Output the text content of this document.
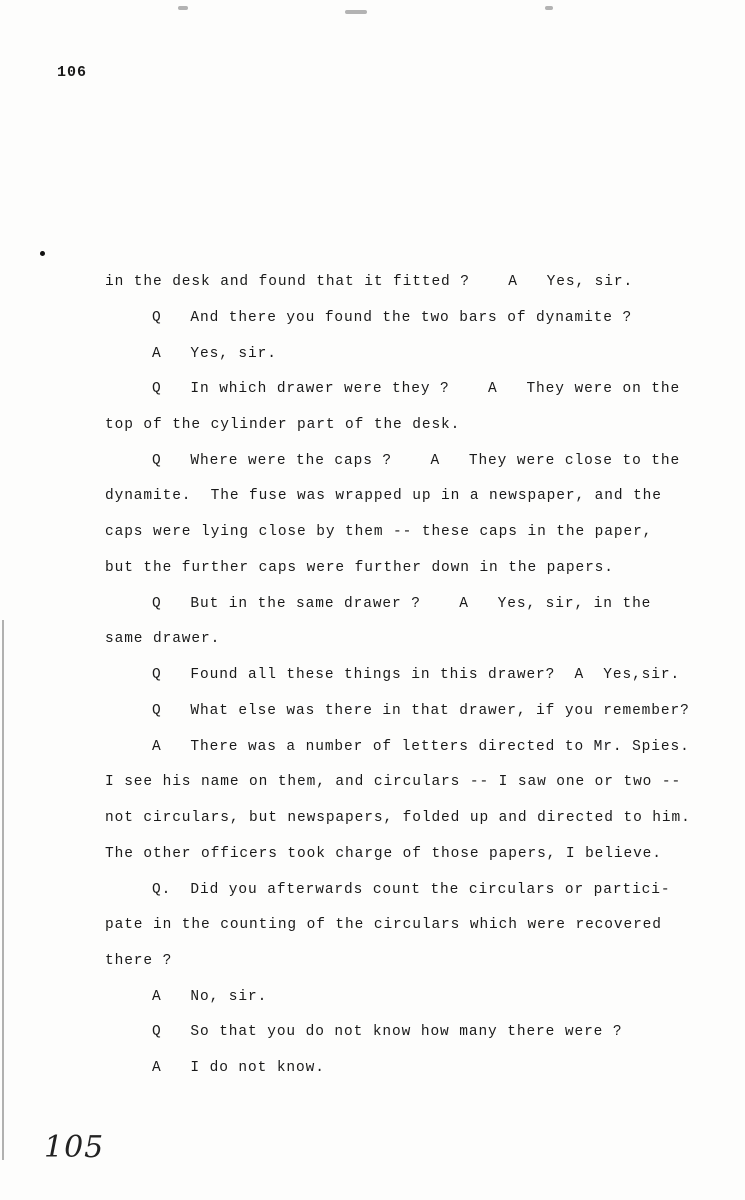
106
in the desk and found that it fitted ?    A   Yes, sir.
Q   And there you found the two bars of dynamite ?
A   Yes, sir.
Q   In which drawer were they ?    A   They were on the
top of the cylinder part of the desk.
Q   Where were the caps ?    A   They were close to the
dynamite.  The fuse was wrapped up in a newspaper, and the
caps were lying close by them -- these caps in the paper,
but the further caps were further down in the papers.
Q   But in the same drawer ?    A   Yes, sir, in the
same drawer.
Q   Found all these things in this drawer?  A  Yes,sir.
Q   What else was there in that drawer, if you remember?
A   There was a number of letters directed to Mr. Spies.
I see his name on them, and circulars -- I saw one or two --
not circulars, but newspapers, folded up and directed to him.
The other officers took charge of those papers, I believe.
Q.  Did you afterwards count the circulars or partici-
pate in the counting of the circulars which were recovered
there ?
A   No, sir.
Q   So that you do not know how many there were ?
A   I do not know.
105
